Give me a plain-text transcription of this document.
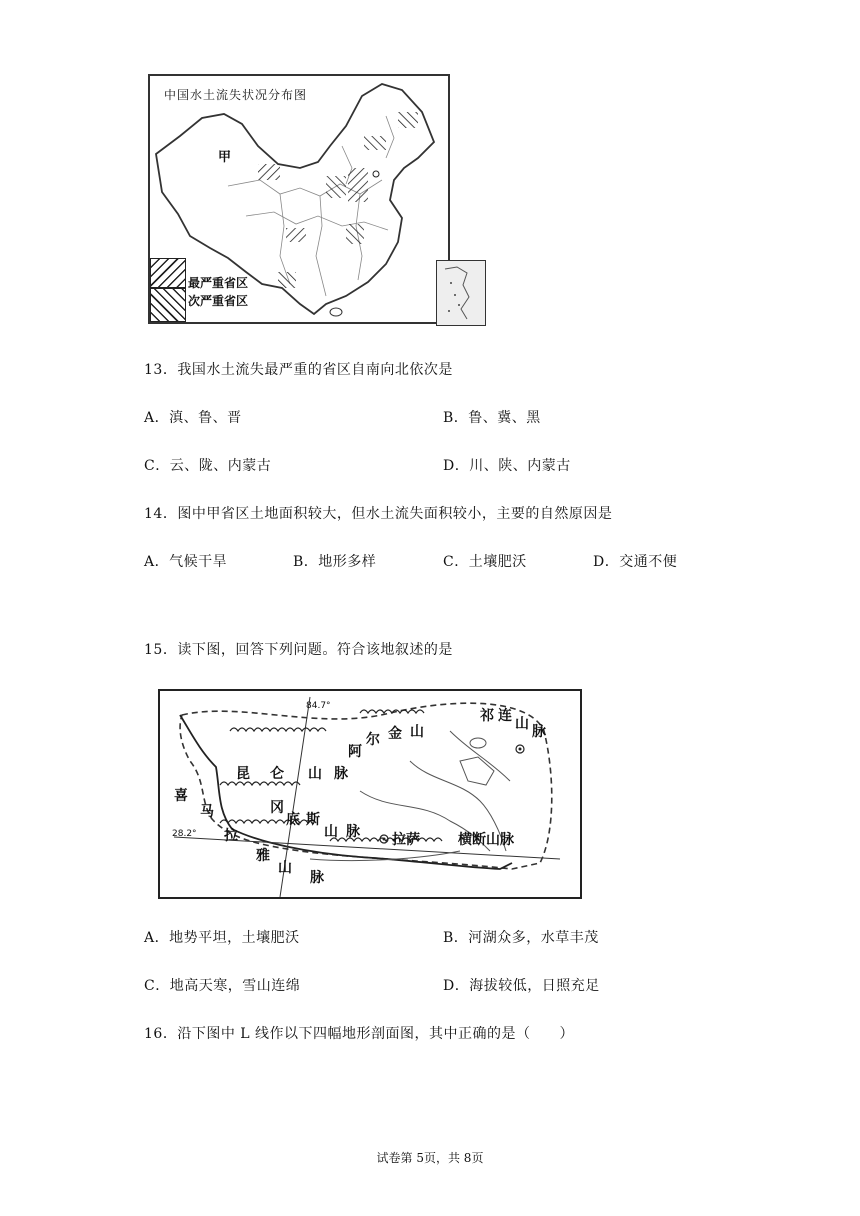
中国水土流失状况分布图
甲
最严重省区
次严重省区
13．我国水土流失最严重的省区自南向北依次是
A．滇、鲁、晋	B．鲁、冀、黑
C．云、陇、内蒙古	D．川、陕、内蒙古
14．图中甲省区土地面积较大，但水土流失面积较小，主要的自然原因是
A．气候干旱	B．地形多样	C．土壤肥沃	D．交通不便
15．读下图，回答下列问题。符合该地叙述的是
84.7°
28.2°
祁 连 山 脉
阿
尔 金 山
昆 仑 山 脉
冈
底 斯
山 脉
喜
马
拉
雅
山
脉
拉萨	横断山脉
A．地势平坦，土壤肥沃	B．河湖众多，水草丰茂
C．地高天寒，雪山连绵	D．海拔较低，日照充足
16．沿下图中 L 线作以下四幅地形剖面图，其中正确的是（　　）
试卷第 5页，共 8页
